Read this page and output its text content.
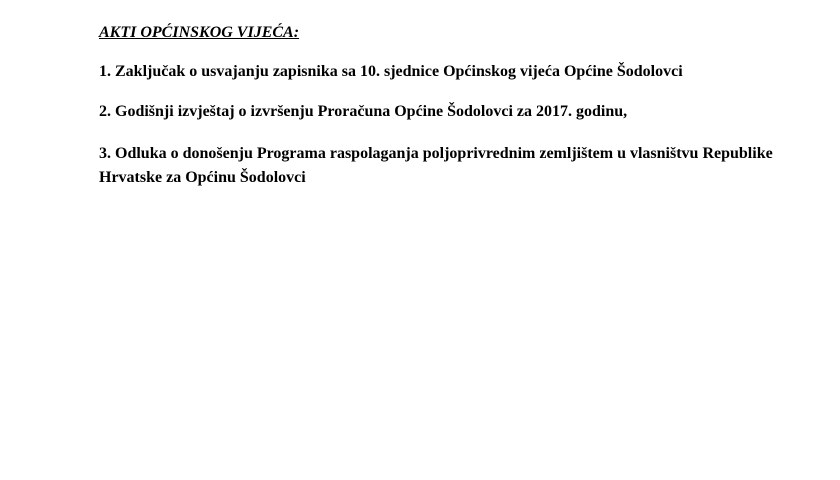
AKTI OPĆINSKOG VIJEĆA:
1. Zaključak o usvajanju zapisnika sa 10. sjednice Općinskog vijeća Općine Šodolovci
2. Godišnji izvještaj o izvršenju Proračuna Općine Šodolovci za 2017. godinu,
3. Odluka o donošenju Programa raspolaganja poljoprivrednim zemljištem u vlasništvu Republike Hrvatske za Općinu Šodolovci
